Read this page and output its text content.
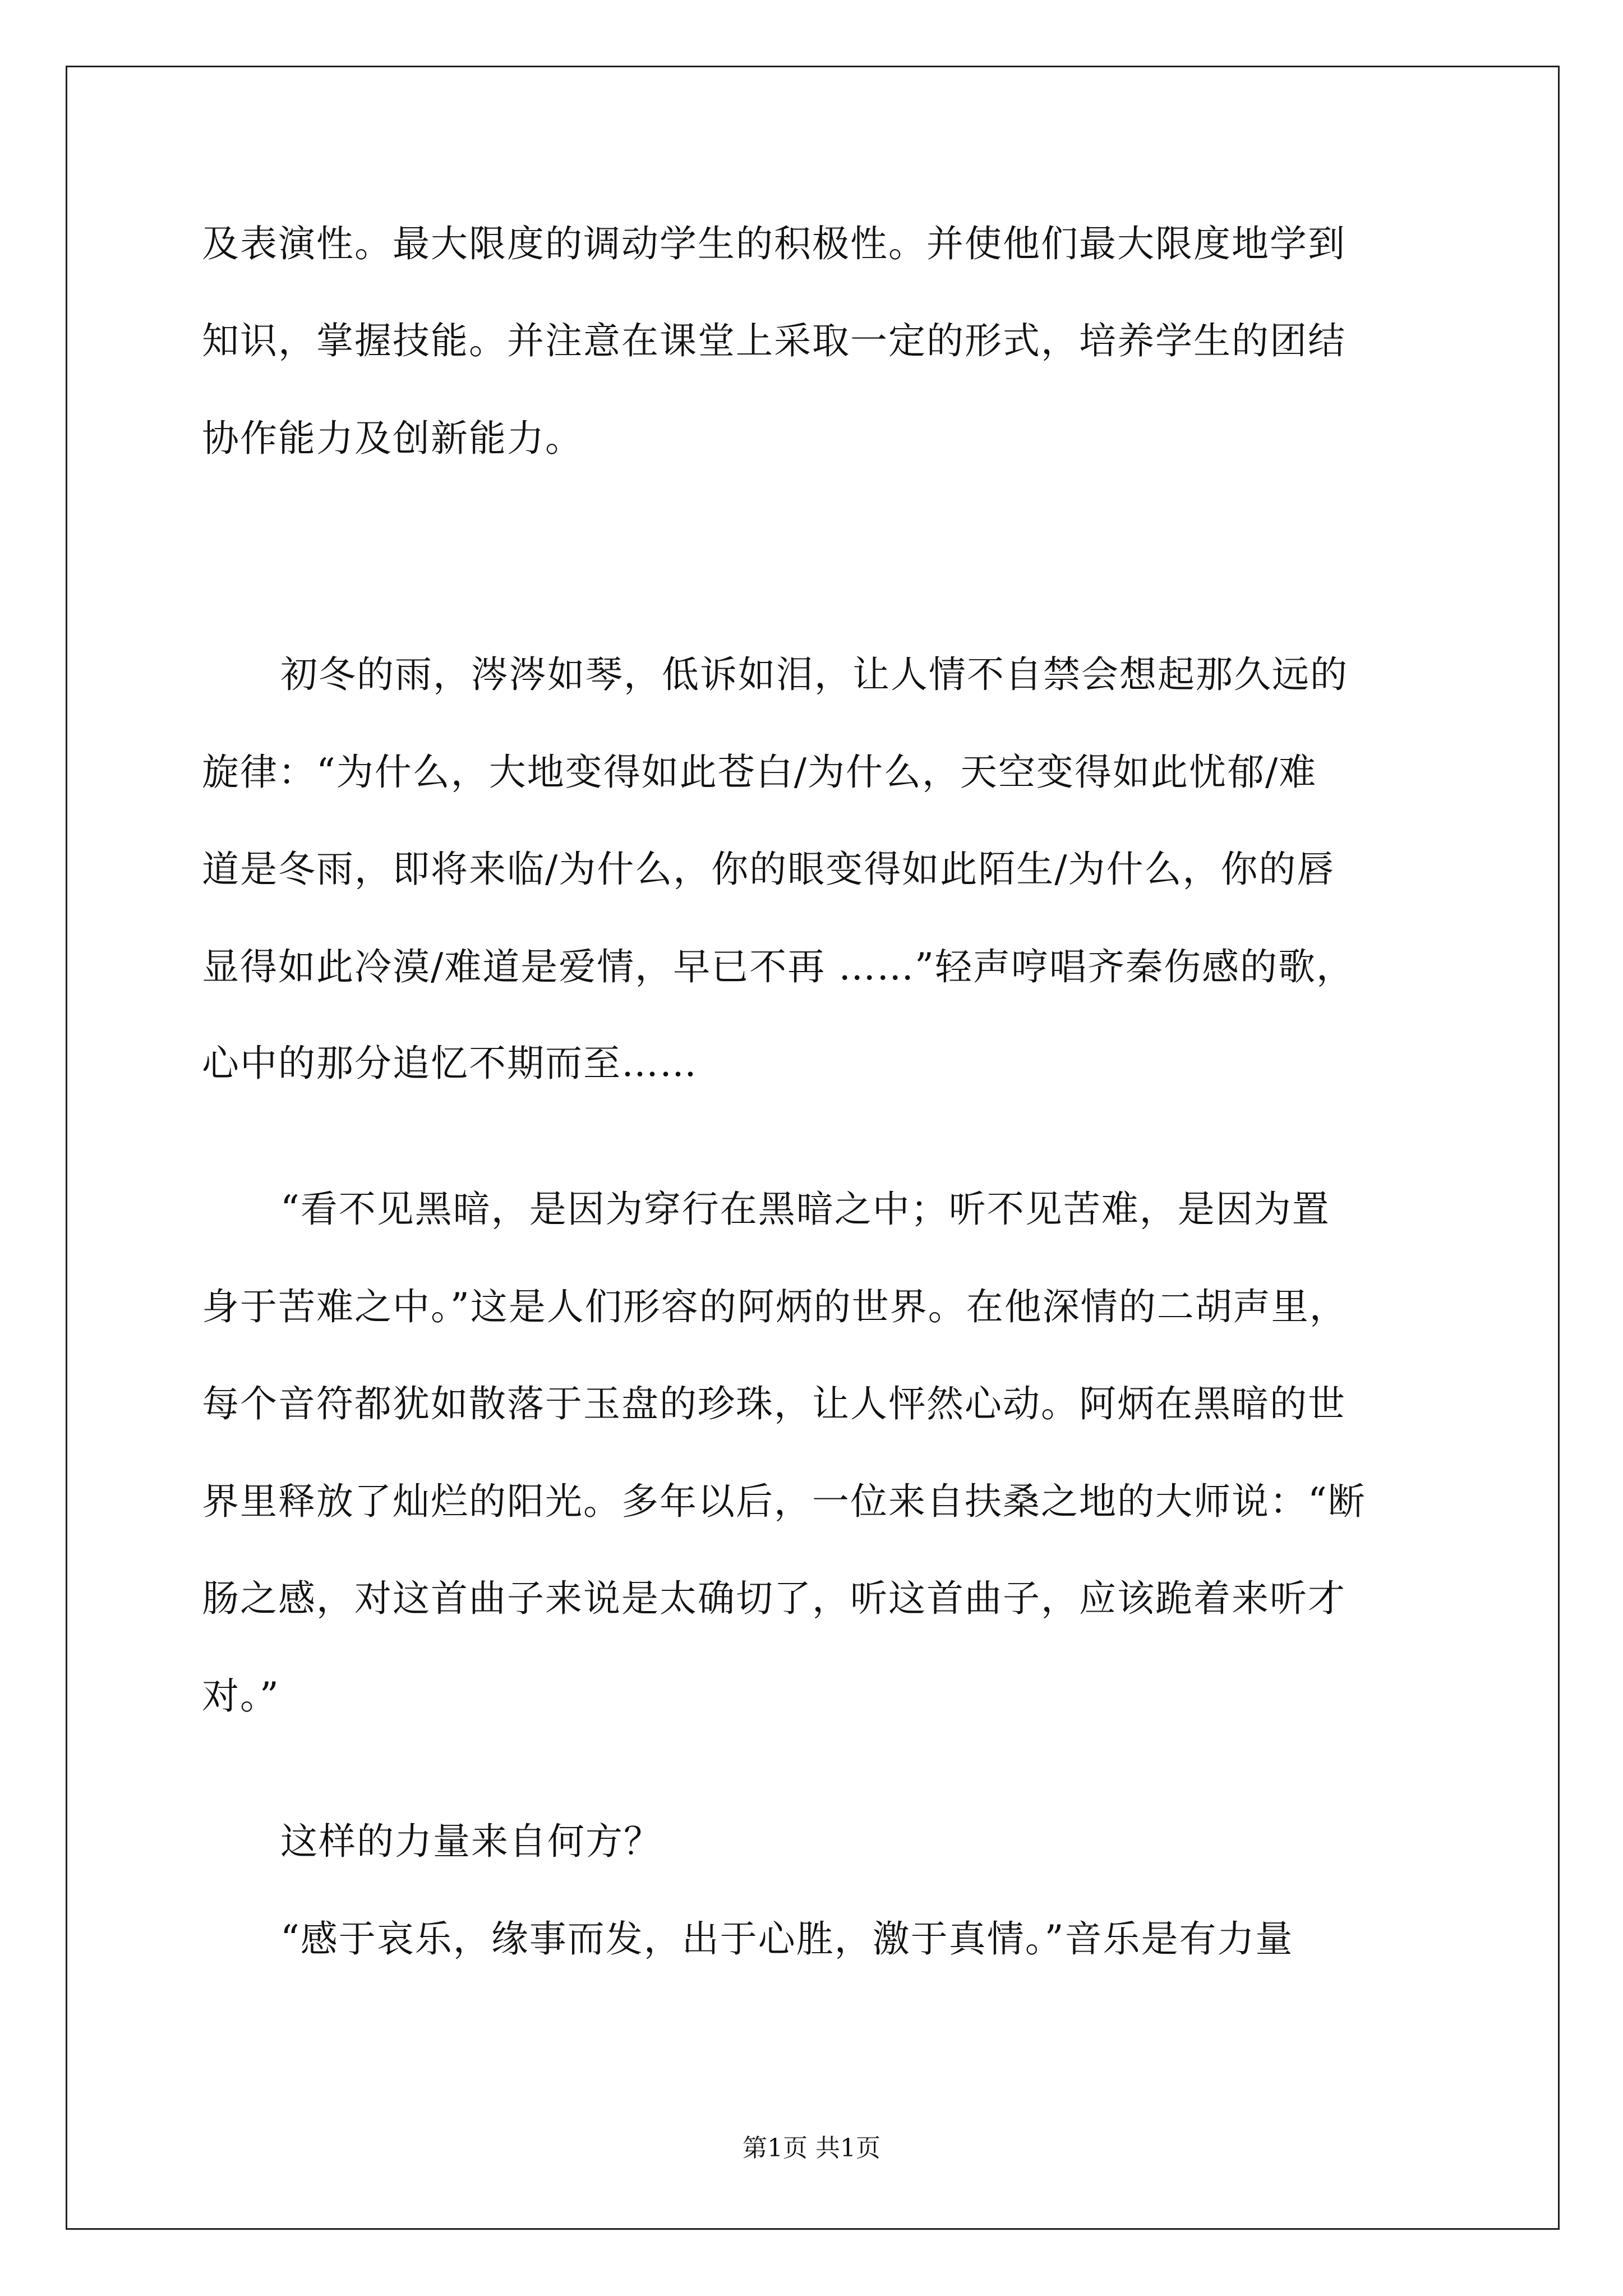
及表演性。最大限度的调动学生的积极性。并使他们最大限度地学到
知识，掌握技能。并注意在课堂上采取一定的形式，培养学生的团结
协作能力及创新能力。
初冬的雨，涔涔如琴，低诉如泪，让人情不自禁会想起那久远的
旋律：“为什么，大地变得如此苍白/为什么，天空变得如此忧郁/难
道是冬雨，即将来临/为什么，你的眼变得如此陌生/为什么，你的唇
显得如此冷漠/难道是爱情，早已不再 ……”轻声哼唱齐秦伤感的歌，
心中的那分追忆不期而至……
“看不见黑暗，是因为穿行在黑暗之中；听不见苦难，是因为置
身于苦难之中。”这是人们形容的阿炳的世界。在他深情的二胡声里，
每个音符都犹如散落于玉盘的珍珠，让人怦然心动。阿炳在黑暗的世
界里释放了灿烂的阳光。多年以后，一位来自扶桑之地的大师说：“断
肠之感，对这首曲子来说是太确切了，听这首曲子，应该跪着来听才
对。”
这样的力量来自何方？
“感于哀乐，缘事而发，出于心胜，激于真情。”音乐是有力量
第1页 共1页
